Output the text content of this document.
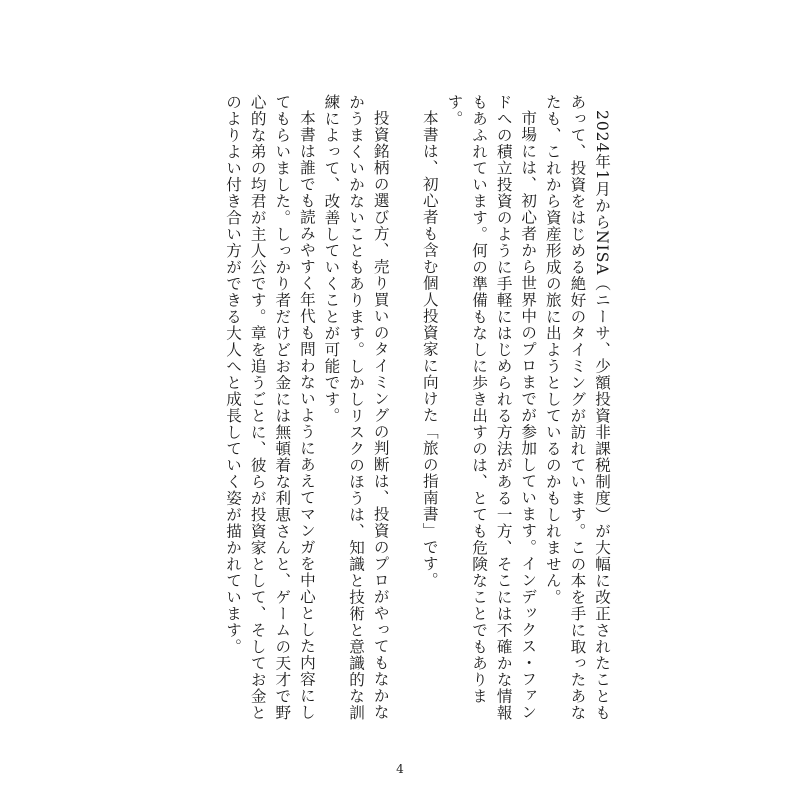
2024年1月からNISA（ニーサ、少額投資非課税制度）が大幅に改正されたこともあって、投資をはじめる絶好のタイミングが訪れています。この本を手に取ったあなたも、これから資産形成の旅に出ようとしているのかもしれません。

市場には、初心者から世界中のプロまでが参加しています。インデックス・ファンドへの積立投資のように手軽にはじめられる方法がある一方、そこには不確かな情報もあふれています。何の準備もなしに歩き出すのは、とても危険なことでもあります。

本書は、初心者も含む個人投資家に向けた「旅の指南書」です。

投資銘柄の選び方、売り買いのタイミングの判断は、投資のプロがやってもなかなかうまくいかないこともあります。しかしリスクのほうは、知識と技術と意識的な訓練によって、改善していくことが可能です。

本書は誰でも読みやすく年代も問わないようにあえてマンガを中心とした内容にしてもらいました。しっかり者だけどお金には無頓着な利恵さんと、ゲームの天才で野心的な弟の均君が主人公です。章を追うごとに、彼らが投資家として、そしてお金とのよりよい付き合い方ができる大人へと成長していく姿が描かれています。

4
